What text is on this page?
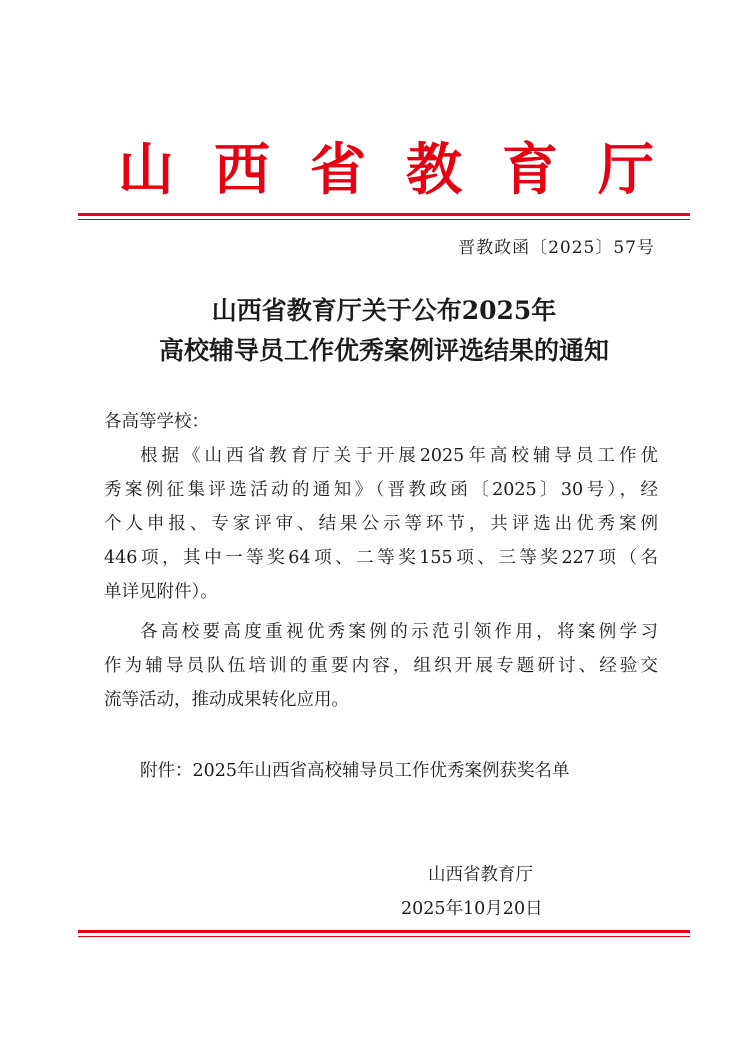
山 西 省 教 育 厅
晋教政函〔2025〕57号
山西省教育厅关于公布2025年
高校辅导员工作优秀案例评选结果的通知
各高等学校：
根据《山西省教育厅关于开展2025年高校辅导员工作优
秀案例征集评选活动的通知》（晋教政函〔2025〕30号），经
个人申报、专家评审、结果公示等环节，共评选出优秀案例
446项，其中一等奖64项、二等奖155项、三等奖227项（名
单详见附件）。
各高校要高度重视优秀案例的示范引领作用，将案例学习
作为辅导员队伍培训的重要内容，组织开展专题研讨、经验交
流等活动，推动成果转化应用。
附件：2025年山西省高校辅导员工作优秀案例获奖名单
山西省教育厅
2025年10月20日
